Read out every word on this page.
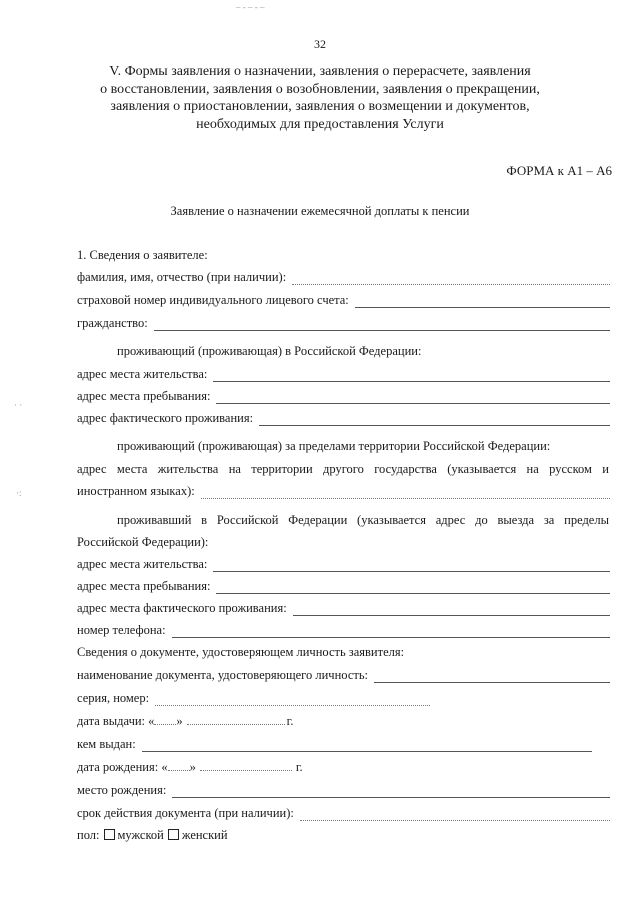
32
V. Формы заявления о назначении, заявления о перерасчете, заявления
о восстановлении, заявления о возобновлении, заявления о прекращении,
заявления о приостановлении, заявления о возмещении и документов,
необходимых для предоставления Услуги
ФОРМА к А1 – А6
Заявление о назначении ежемесячной доплаты к пенсии
1. Сведения о заявителе:
фамилия, имя, отчество (при наличии):
страховой номер индивидуального лицевого счета:
гражданство:
проживающий (проживающая) в Российской Федерации:
адрес места жительства:
адрес места пребывания:
адрес фактического проживания:
проживающий (проживающая) за пределами территории Российской Федерации:
адрес места жительства на территории другого государства (указывается на русском и
иностранном языках):
проживавший в Российской Федерации (указывается адрес до выезда за пределы
Российской Федерации):
адрес места жительства:
адрес места пребывания:
адрес места фактического проживания:
номер телефона:
Сведения о документе, удостоверяющем личность заявителя:
наименование документа, удостоверяющего личность:
серия, номер:
дата выдачи: « »	г.
кем выдан:
дата рождения: « »	г.
место рождения:
срок действия документа (при наличии):
пол: мужской женский
· ·
·:
‒ ‐ ‒ ‐ ‒
